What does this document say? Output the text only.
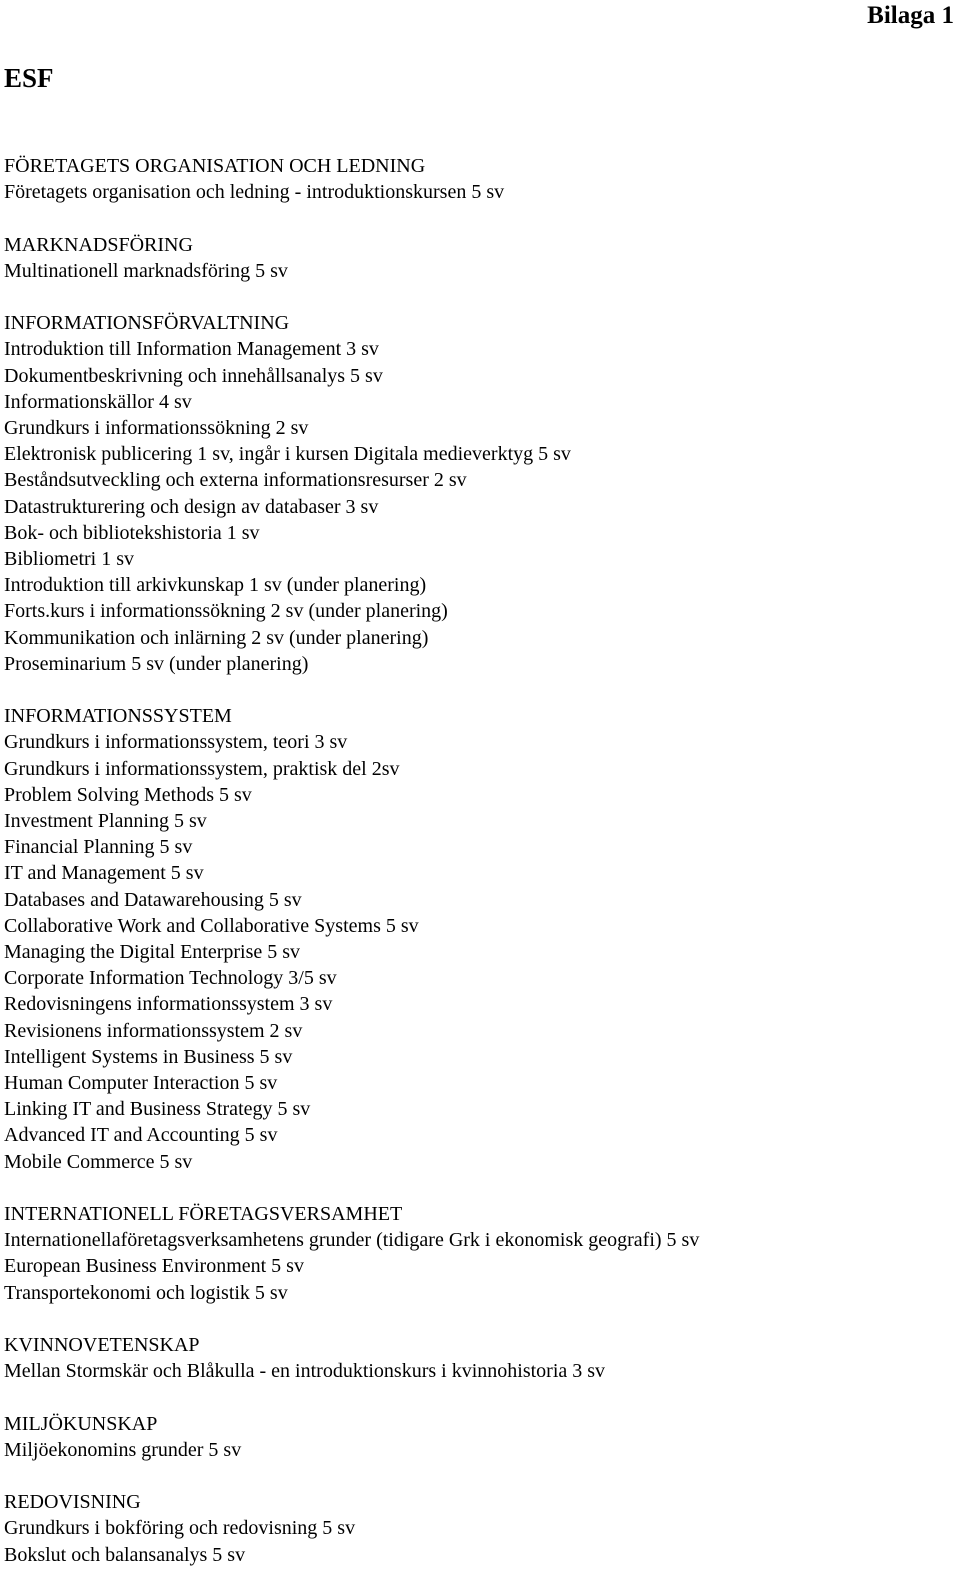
Bilaga 1
ESF
FÖRETAGETS ORGANISATION OCH LEDNING
Företagets organisation och ledning - introduktionskursen 5 sv
MARKNADSFÖRING
Multinationell marknadsföring 5 sv
INFORMATIONSFÖRVALTNING
Introduktion till Information Management 3 sv
Dokumentbeskrivning och innehållsanalys 5 sv
Informationskällor 4 sv
Grundkurs i informationssökning 2 sv
Elektronisk publicering 1 sv, ingår i kursen Digitala medieverktyg 5 sv
Beståndsutveckling och externa informationsresurser 2 sv
Datastrukturering och design av databaser 3 sv
Bok- och bibliotekshistoria 1 sv
Bibliometri 1 sv
Introduktion till arkivkunskap 1 sv (under planering)
Forts.kurs i informationssökning 2 sv (under planering)
Kommunikation och inlärning 2 sv (under planering)
Proseminarium 5 sv (under planering)
INFORMATIONSSYSTEM
Grundkurs i informationssystem, teori 3 sv
Grundkurs i informationssystem, praktisk del 2sv
Problem Solving Methods 5 sv
Investment Planning 5 sv
Financial Planning 5 sv
IT and Management 5 sv
Databases and Datawarehousing 5 sv
Collaborative Work and Collaborative Systems 5 sv
Managing the Digital Enterprise 5 sv
Corporate Information Technology 3/5 sv
Redovisningens informationssystem 3 sv
Revisionens informationssystem 2 sv
Intelligent Systems in Business 5 sv
Human Computer Interaction 5 sv
Linking IT and Business Strategy 5 sv
Advanced IT and Accounting 5 sv
Mobile Commerce 5 sv
INTERNATIONELL FÖRETAGSVERSAMHET
Internationellaföretagsverksamhetens grunder (tidigare Grk i ekonomisk geografi) 5 sv
European Business Environment 5 sv
Transportekonomi och logistik 5 sv
KVINNOVETENSKAP
Mellan Stormskär och Blåkulla - en introduktionskurs i kvinnohistoria 3 sv
MILJÖKUNSKAP
Miljöekonomins grunder 5 sv
REDOVISNING
Grundkurs i bokföring och redovisning 5 sv
Bokslut och balansanalys 5 sv
